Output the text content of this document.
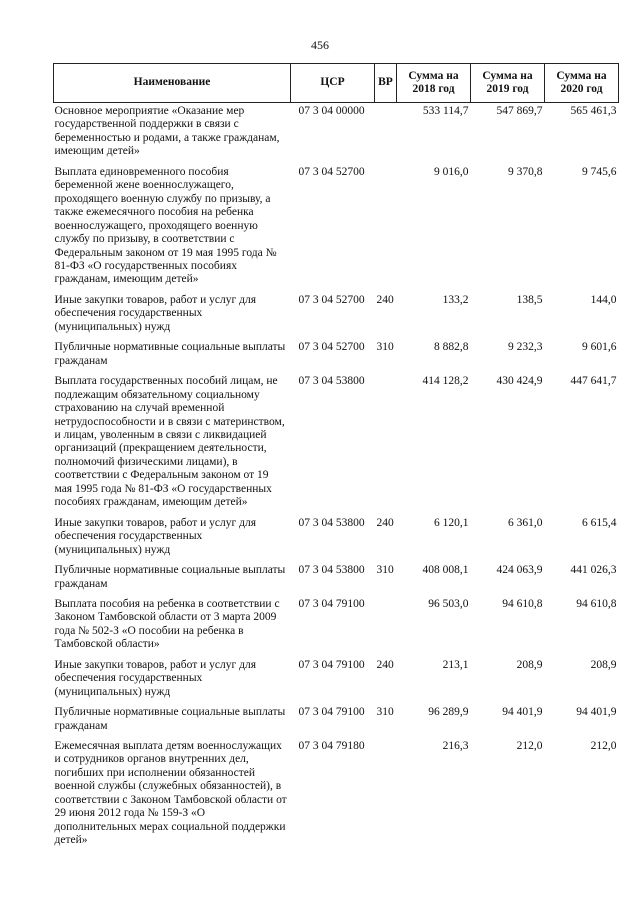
456
Наименование	ЦСР	ВР	Сумма на 2018 год	Сумма на 2019 год	Сумма на 2020 год
Основное мероприятие «Оказание мер государственной поддержки в связи с беременностью и родами, а также гражданам, имеющим детей»	07 3 04 00000		533 114,7	547 869,7	565 461,3
Выплата единовременного пособия беременной жене военнослужащего, проходящего военную службу по призыву, а также ежемесячного пособия на ребенка военнослужащего, проходящего военную службу по призыву, в соответствии с Федеральным законом от 19 мая 1995 года № 81-ФЗ «О государственных пособиях гражданам, имеющим детей»	07 3 04 52700		9 016,0	9 370,8	9 745,6
Иные закупки товаров, работ и услуг для обеспечения государственных (муниципальных) нужд	07 3 04 52700	240	133,2	138,5	144,0
Публичные нормативные социальные выплаты гражданам	07 3 04 52700	310	8 882,8	9 232,3	9 601,6
Выплата государственных пособий лицам, не подлежащим обязательному социальному страхованию на случай временной нетрудоспособности и в связи с материнством, и лицам, уволенным в связи с ликвидацией организаций (прекращением деятельности, полномочий физическими лицами), в соответствии с Федеральным законом от 19 мая 1995 года № 81-ФЗ «О государственных пособиях гражданам, имеющим детей»	07 3 04 53800		414 128,2	430 424,9	447 641,7
Иные закупки товаров, работ и услуг для обеспечения государственных (муниципальных) нужд	07 3 04 53800	240	6 120,1	6 361,0	6 615,4
Публичные нормативные социальные выплаты гражданам	07 3 04 53800	310	408 008,1	424 063,9	441 026,3
Выплата пособия на ребенка в соответствии с Законом Тамбовской области от 3 марта 2009 года № 502-З «О пособии на ребенка в Тамбовской области»	07 3 04 79100		96 503,0	94 610,8	94 610,8
Иные закупки товаров, работ и услуг для обеспечения государственных (муниципальных) нужд	07 3 04 79100	240	213,1	208,9	208,9
Публичные нормативные социальные выплаты гражданам	07 3 04 79100	310	96 289,9	94 401,9	94 401,9
Ежемесячная выплата детям военнослужащих и сотрудников органов внутренних дел, погибших при исполнении обязанностей военной службы (служебных обязанностей), в соответствии с Законом Тамбовской области от 29 июня 2012 года № 159-З «О дополнительных мерах социальной поддержки детей»	07 3 04 79180		216,3	212,0	212,0
